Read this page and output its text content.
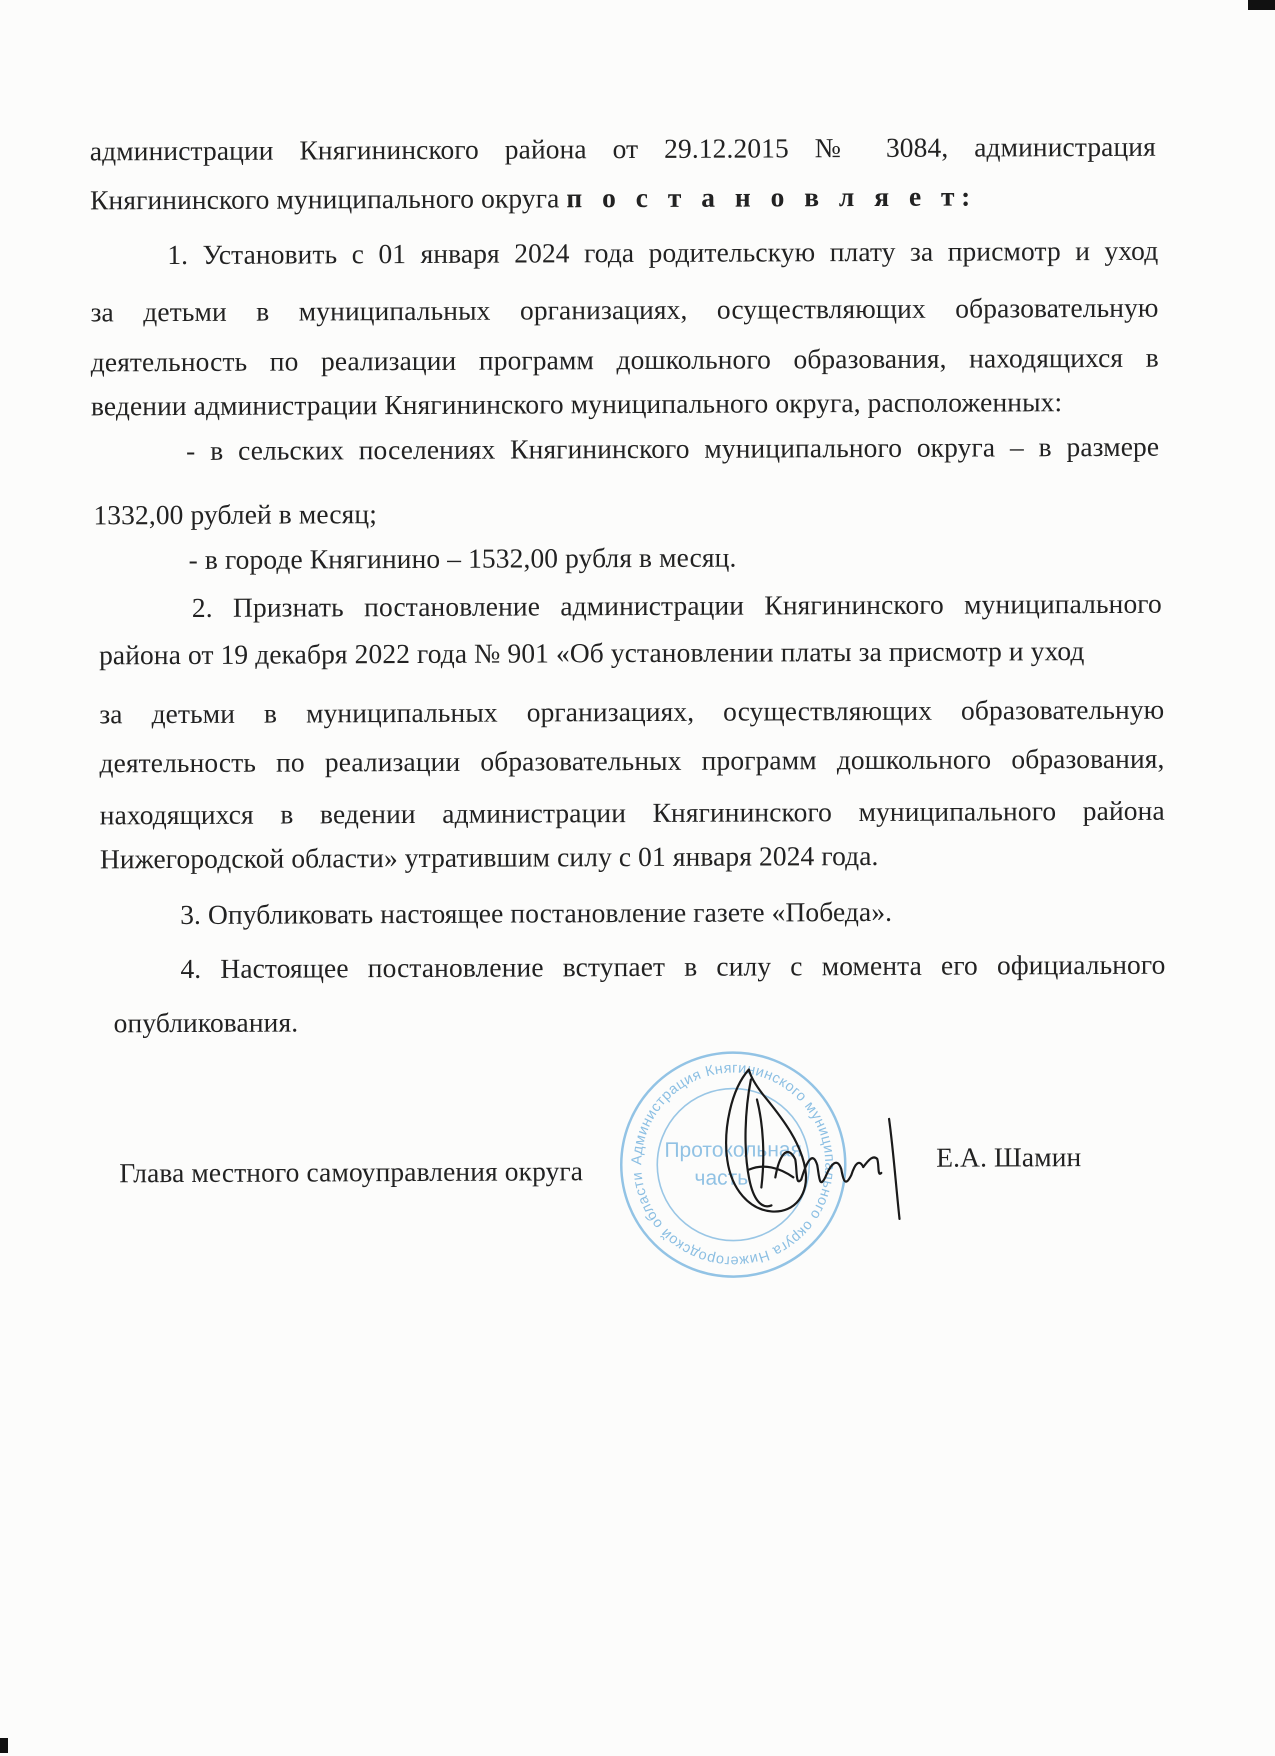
администрации Княгининского района от 29.12.2015 № 3084, администрация
Княгининского муниципального округа п о с т а н о в л я е т:
1. Установить с 01 января 2024 года родительскую плату за присмотр и уход
за детьми в муниципальных организациях, осуществляющих образовательную
деятельность по реализации программ дошкольного образования, находящихся в
ведении администрации Княгининского муниципального округа, расположенных:
- в сельских поселениях Княгининского муниципального округа – в размере
1332,00 рублей в месяц;
- в городе Княгинино – 1532,00 рубля в месяц.
2. Признать постановление администрации Княгининского муниципального
района от 19 декабря 2022 года № 901 «Об установлении платы за присмотр и уход
за детьми в муниципальных организациях, осуществляющих образовательную
деятельность по реализации образовательных программ дошкольного образования,
находящихся в ведении администрации Княгининского муниципального района
Нижегородской области» утратившим силу с 01 января 2024 года.
3. Опубликовать настоящее постановление газете «Победа».
4. Настоящее постановление вступает в силу с момента его официального
опубликования.
Глава местного самоуправления округа	Е.А. Шамин
Администрация Княгининского муниципального округа Нижегородской области
Протокольная
часть
